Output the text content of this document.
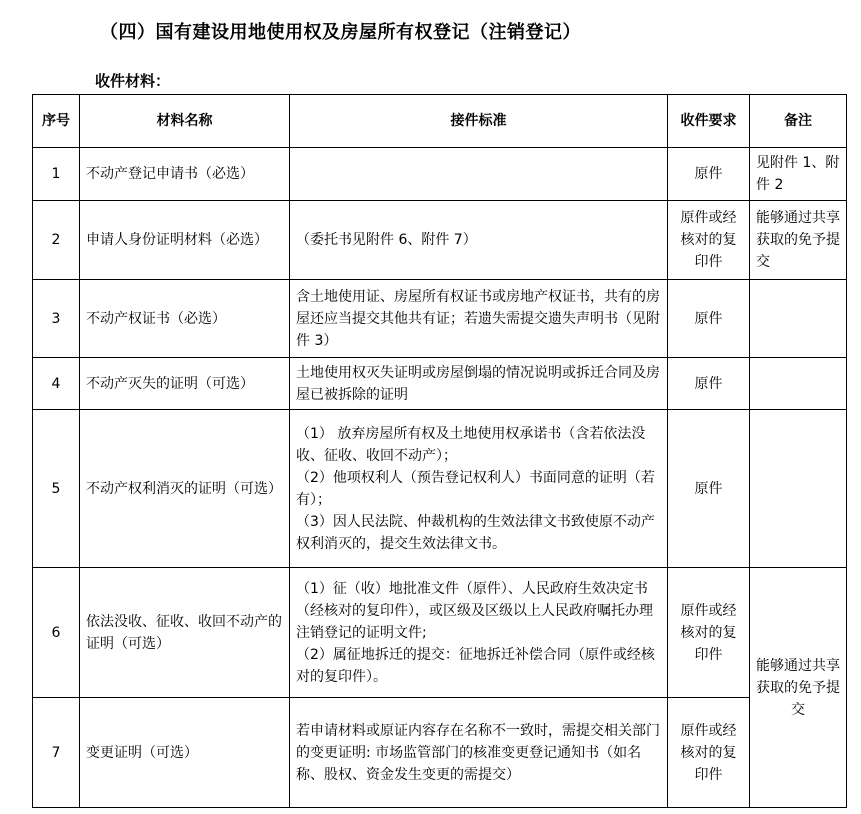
（四）国有建设用地使用权及房屋所有权登记（注销登记）
收件材料：
序号	材料名称	接件标准	收件要求	备注
1	不动产登记申请书（必选）		原件	见附件 1、附件 2
2	申请人身份证明材料（必选）	（委托书见附件 6、附件 7）	原件或经核对的复印件	能够通过共享获取的免予提交
3	不动产权证书（必选）	含土地使用证、房屋所有权证书或房地产权证书，共有的房屋还应当提交其他共有证；若遗失需提交遗失声明书（见附件 3）	原件	
4	不动产灭失的证明（可选）	土地使用权灭失证明或房屋倒塌的情况说明或拆迁合同及房屋已被拆除的证明	原件	
5	不动产权利消灭的证明（可选）	（1） 放弃房屋所有权及土地使用权承诺书（含若依法没收、征收、收回不动产）；
（2）他项权利人（预告登记权利人）书面同意的证明（若有）；
（3）因人民法院、仲裁机构的生效法律文书致使原不动产权利消灭的，提交生效法律文书。	原件	
6	依法没收、征收、收回不动产的证明（可选）	（1）征（收）地批准文件（原件）、人民政府生效决定书（经核对的复印件），或区级及区级以上人民政府嘱托办理注销登记的证明文件;
（2）属征地拆迁的提交：征地拆迁补偿合同（原件或经核对的复印件）。	原件或经核对的复印件	能够通过共享获取的免予提交
7	变更证明（可选）	若申请材料或原证内容存在名称不一致时，需提交相关部门的变更证明: 市场监管部门的核准变更登记通知书（如名称、股权、资金发生变更的需提交）	原件或经核对的复印件	
